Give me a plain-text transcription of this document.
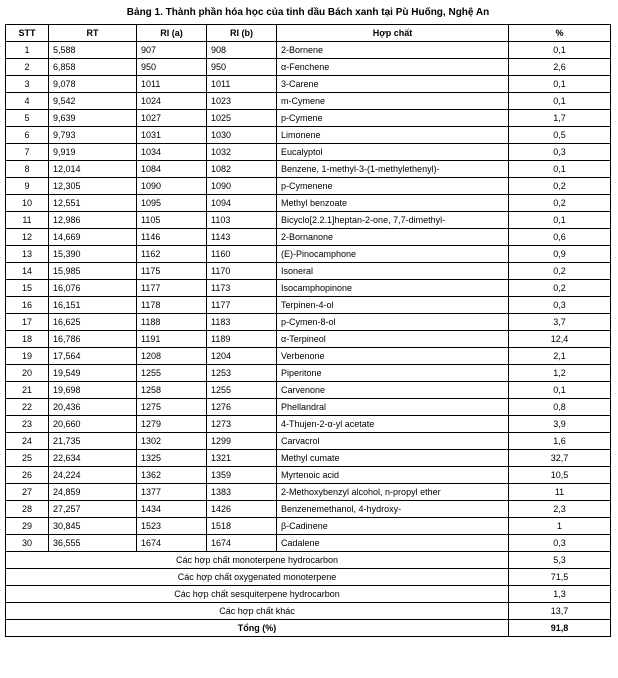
Bảng 1. Thành phần hóa học của tinh dầu Bách xanh tại Pù Huống, Nghệ An
STT	RT	RI (a)	RI (b)	Hợp chất	%
1	5,588	907	908	2-Bornene	0,1
2	6,858	950	950	α-Fenchene	2,6
3	9,078	1011	1011	3-Carene	0,1
4	9,542	1024	1023	m-Cymene	0,1
5	9,639	1027	1025	p-Cymene	1,7
6	9,793	1031	1030	Limonene	0,5
7	9,919	1034	1032	Eucalyptol	0,3
8	12,014	1084	1082	Benzene, 1-methyl-3-(1-methylethenyl)-	0,1
9	12,305	1090	1090	p-Cymenene	0,2
10	12,551	1095	1094	Methyl benzoate	0,2
11	12,986	1105	1103	Bicyclo[2.2.1]heptan-2-one, 7,7-dimethyl-	0,1
12	14,669	1146	1143	2-Bornanone	0,6
13	15,390	1162	1160	(E)-Pinocamphone	0,9
14	15,985	1175	1170	Isoneral	0,2
15	16,076	1177	1173	Isocamphopinone	0,2
16	16,151	1178	1177	Terpinen-4-ol	0,3
17	16,625	1188	1183	p-Cymen-8-ol	3,7
18	16,786	1191	1189	α-Terpineol	12,4
19	17,564	1208	1204	Verbenone	2,1
20	19,549	1255	1253	Piperitone	1,2
21	19,698	1258	1255	Carvenone	0,1
22	20,436	1275	1276	Phellandral	0,8
23	20,660	1279	1273	4-Thujen-2-α-yl acetate	3,9
24	21,735	1302	1299	Carvacrol	1,6
25	22,634	1325	1321	Methyl cumate	32,7
26	24,224	1362	1359	Myrtenoic acid	10,5
27	24,859	1377	1383	2-Methoxybenzyl alcohol, n-propyl ether	11
28	27,257	1434	1426	Benzenemethanol, 4-hydroxy-	2,3
29	30,845	1523	1518	β-Cadinene	1
30	36,555	1674	1674	Cadalene	0,3
Các hợp chất monoterpene hydrocarbon					5,3
Các hợp chất oxygenated monoterpene					71,5
Các hợp chất sesquiterpene hydrocarbon					1,3
Các hợp chất khác					13,7
Tổng (%)					91,8
